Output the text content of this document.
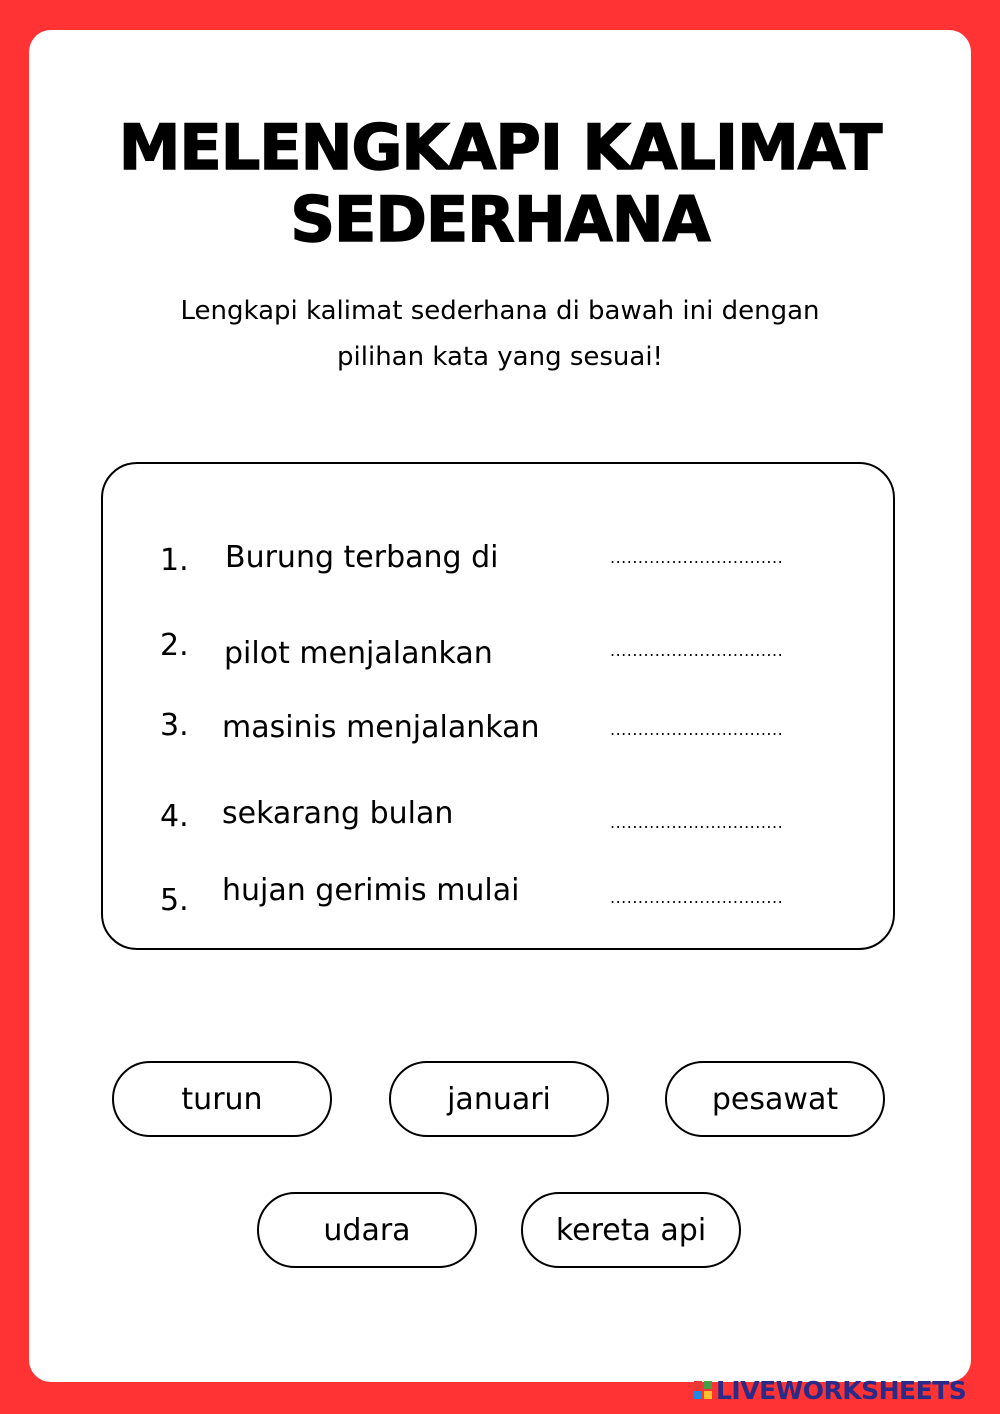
MELENGKAPI KALIMAT
SEDERHANA
Lengkapi kalimat sederhana di bawah ini dengan
pilihan kata yang sesuai!
1. Burung terbang di	...............................
2. pilot menjalankan	...............................
3. masinis menjalankan	...............................
4. sekarang bulan	...............................
5. hujan gerimis mulai	...............................
turun	januari	pesawat
udara	kereta api
LIVEWORKSHEETS
